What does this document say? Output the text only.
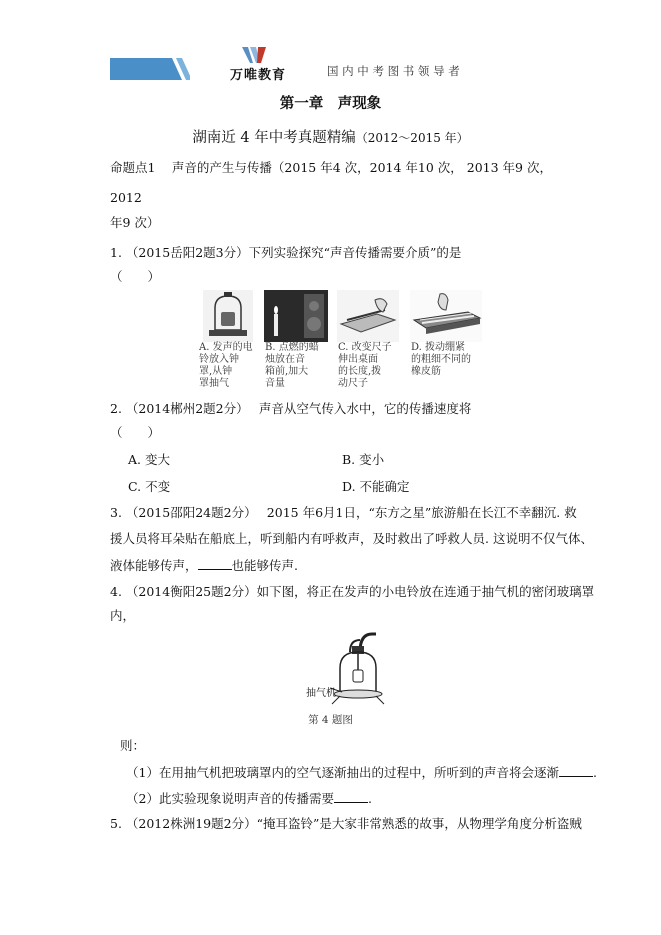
万唯教育	国 内 中 考 图 书 领 导 者
第一章　声现象
湖南近 4 年中考真题精编（2012～2015 年）
命题点1　 声音的产生与传播（2015 年4 次，2014 年10 次， 2013 年9 次，
2012
年9 次）
1. （2015岳阳2题3分）下列实验探究“声音传播需要介质”的是
（　　）
A. 发声的电
铃放入钟
罩,从钟
罩抽气
B. 点燃的蜡
烛放在音
箱前,加大
音量
C. 改变尺子
伸出桌面
的长度,拨
动尺子
D. 拨动绷紧
的粗细不同的
橡皮筋
2. （2014郴州2题2分）　 声音从空气传入水中，它的传播速度将
（　　）
A. 变大	B. 变小
C. 不变	D. 不能确定
3. （2015邵阳24题2分）　 2015 年6月1日，“东方之星”旅游船在长江不幸翻沉. 救
援人员将耳朵贴在船底上，听到船内有呼救声，及时救出了呼救人员. 这说明不仅气体、
液体能够传声，	也能够传声.
4. （2014衡阳25题2分）如下图，将正在发声的小电铃放在连通于抽气机的密闭玻璃罩
内，
抽气机
第 4 题图
则：
（1）在用抽气机把玻璃罩内的空气逐渐抽出的过程中，所听到的声音将会逐渐	.
（2）此实验现象说明声音的传播需要	.
5. （2012株洲19题2分）“掩耳盗铃”是大家非常熟悉的故事，从物理学角度分析盗贼
